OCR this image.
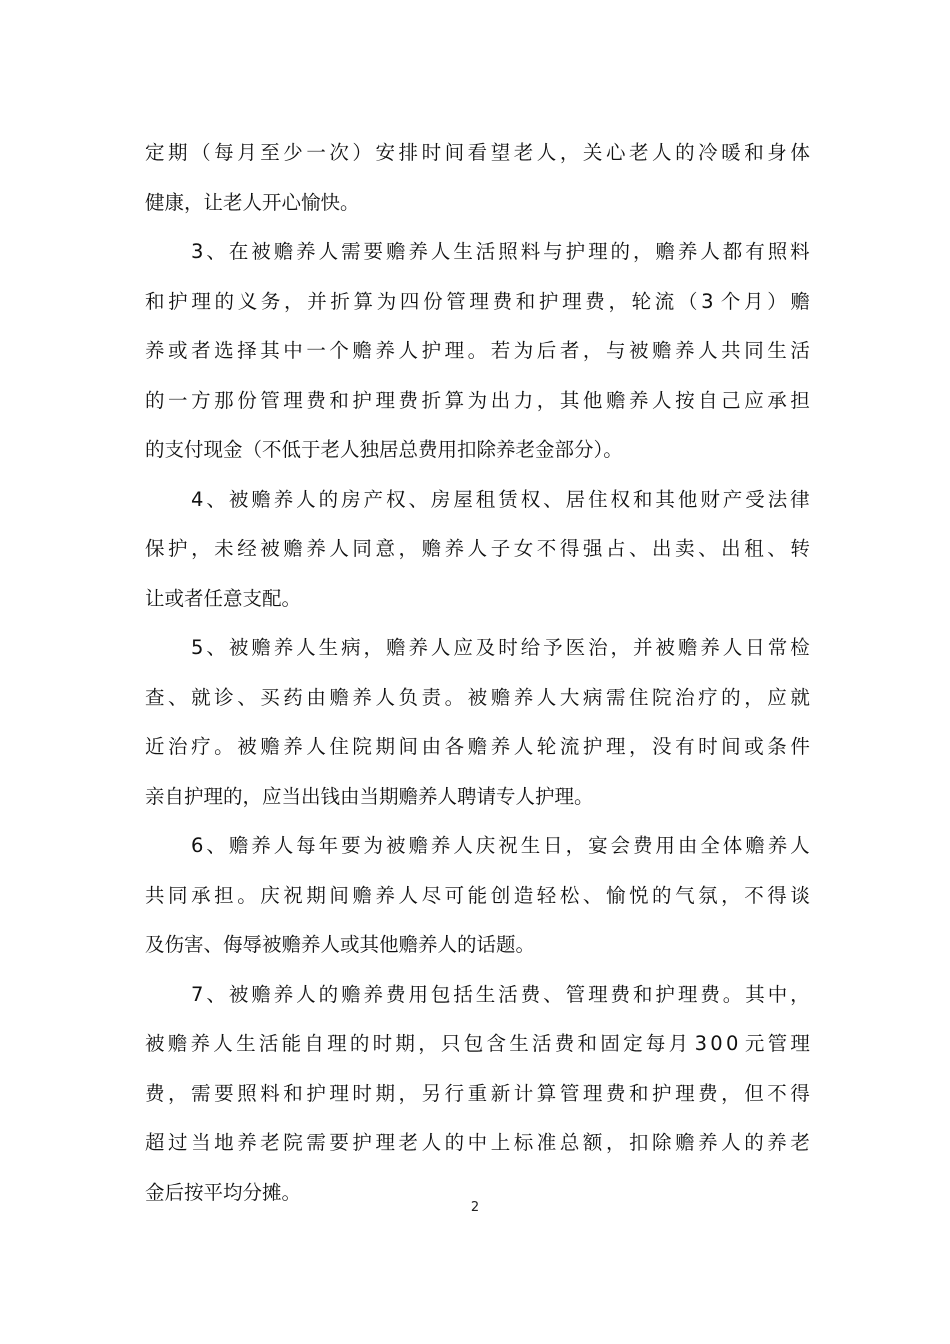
定 期 （ 每 月 至 少 一 次 ） 安 排 时 间 看 望 老 人 ， 关 心 老 人 的 冷 暖 和 身 体
健康，让老人开心愉快。
3 、 在 被 赡 养 人 需 要 赡 养 人 生 活 照 料 与 护 理 的 ， 赡 养 人 都 有 照 料
和 护 理 的 义 务 ， 并 折 算 为 四 份 管 理 费 和 护 理 费 ， 轮 流 （ 3 个 月 ） 赡
养 或 者 选 择 其 中 一 个 赡 养 人 护 理 。 若 为 后 者 ， 与 被 赡 养 人 共 同 生 活
的 一 方 那 份 管 理 费 和 护 理 费 折 算 为 出 力 ， 其 他 赡 养 人 按 自 己 应 承 担
的支付现金（不低于老人独居总费用扣除养老金部分）。
4 、 被 赡 养 人 的 房 产 权 、 房 屋 租 赁 权 、 居 住 权 和 其 他 财 产 受 法 律
保 护 ， 未 经 被 赡 养 人 同 意 ， 赡 养 人 子 女 不 得 强 占 、 出 卖 、 出 租 、 转
让或者任意支配。
5 、 被 赡 养 人 生 病 ， 赡 养 人 应 及 时 给 予 医 治 ， 并 被 赡 养 人 日 常 检
查 、 就 诊 、 买 药 由 赡 养 人 负 责 。 被 赡 养 人 大 病 需 住 院 治 疗 的 ， 应 就
近 治 疗 。 被 赡 养 人 住 院 期 间 由 各 赡 养 人 轮 流 护 理 ， 没 有 时 间 或 条 件
亲自护理的，应当出钱由当期赡养人聘请专人护理。
6 、 赡 养 人 每 年 要 为 被 赡 养 人 庆 祝 生 日 ， 宴 会 费 用 由 全 体 赡 养 人
共 同 承 担 。 庆 祝 期 间 赡 养 人 尽 可 能 创 造 轻 松 、 愉 悦 的 气 氛 ， 不 得 谈
及伤害、侮辱被赡养人或其他赡养人的话题。
7 、 被 赡 养 人 的 赡 养 费 用 包 括 生 活 费 、 管 理 费 和 护 理 费 。 其 中 ，
被 赡 养 人 生 活 能 自 理 的 时 期 ， 只 包 含 生 活 费 和 固 定 每 月 3 0 0 元 管 理
费 ， 需 要 照 料 和 护 理 时 期 ， 另 行 重 新 计 算 管 理 费 和 护 理 费 ， 但 不 得
超 过 当 地 养 老 院 需 要 护 理 老 人 的 中 上 标 准 总 额 ， 扣 除 赡 养 人 的 养 老
金后按平均分摊。
2
